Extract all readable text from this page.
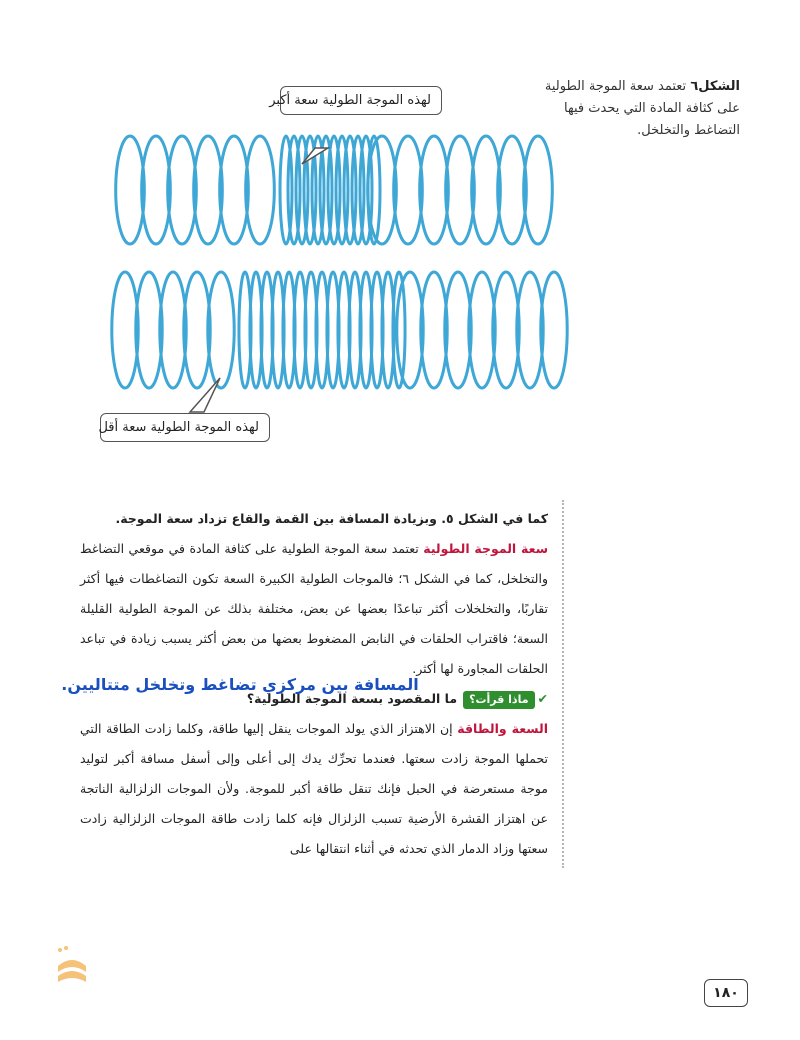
لهذه الموجة الطولية سعة أكبر
لهذه الموجة الطولية سعة أقل
الشكل٦ تعتمد سعة الموجة الطولية على كثافة المادة التي يحدث فيها التضاغط والتخلخل.
كما في الشكل ٥. وبزيادة المسافة بين القمة والقاع تزداد سعة الموجة.
سعة الموجة الطولية تعتمد سعة الموجة الطولية على كثافة المادة في موقعي التضاغط والتخلخل، كما في الشكل ٦؛ فالموجات الطولية الكبيرة السعة تكون التضاغطات فيها أكثر تقاربًا، والتخلخلات أكثر تباعدًا بعضها عن بعض، مختلفة بذلك عن الموجة الطولية القليلة السعة؛ فاقتراب الحلقات في النابض المضغوط بعضها من بعض أكثر يسبب زيادة في تباعد الحلقات المجاورة لها أكثر.
✔ماذا قرأت؟ما المقصود بسعة الموجة الطولية؟
السعة والطاقة إن الاهتزاز الذي يولد الموجات ينقل إليها طاقة، وكلما زادت الطاقة التي تحملها الموجة زادت سعتها. فعندما تحرِّك يدك إلى أعلى وإلى أسفل مسافة أكبر لتوليد موجة مستعرضة في الحبل فإنك تنقل طاقة أكبر للموجة. ولأن الموجات الزلزالية الناتجة عن اهتزاز القشرة الأرضية تسبب الزلزال فإنه كلما زادت طاقة الموجات الزلزالية زادت سعتها وزاد الدمار الذي تحدثه في أثناء انتقالها على
المسافة بين مركزي تضاغط وتخلخل متتاليين.
١٨٠
